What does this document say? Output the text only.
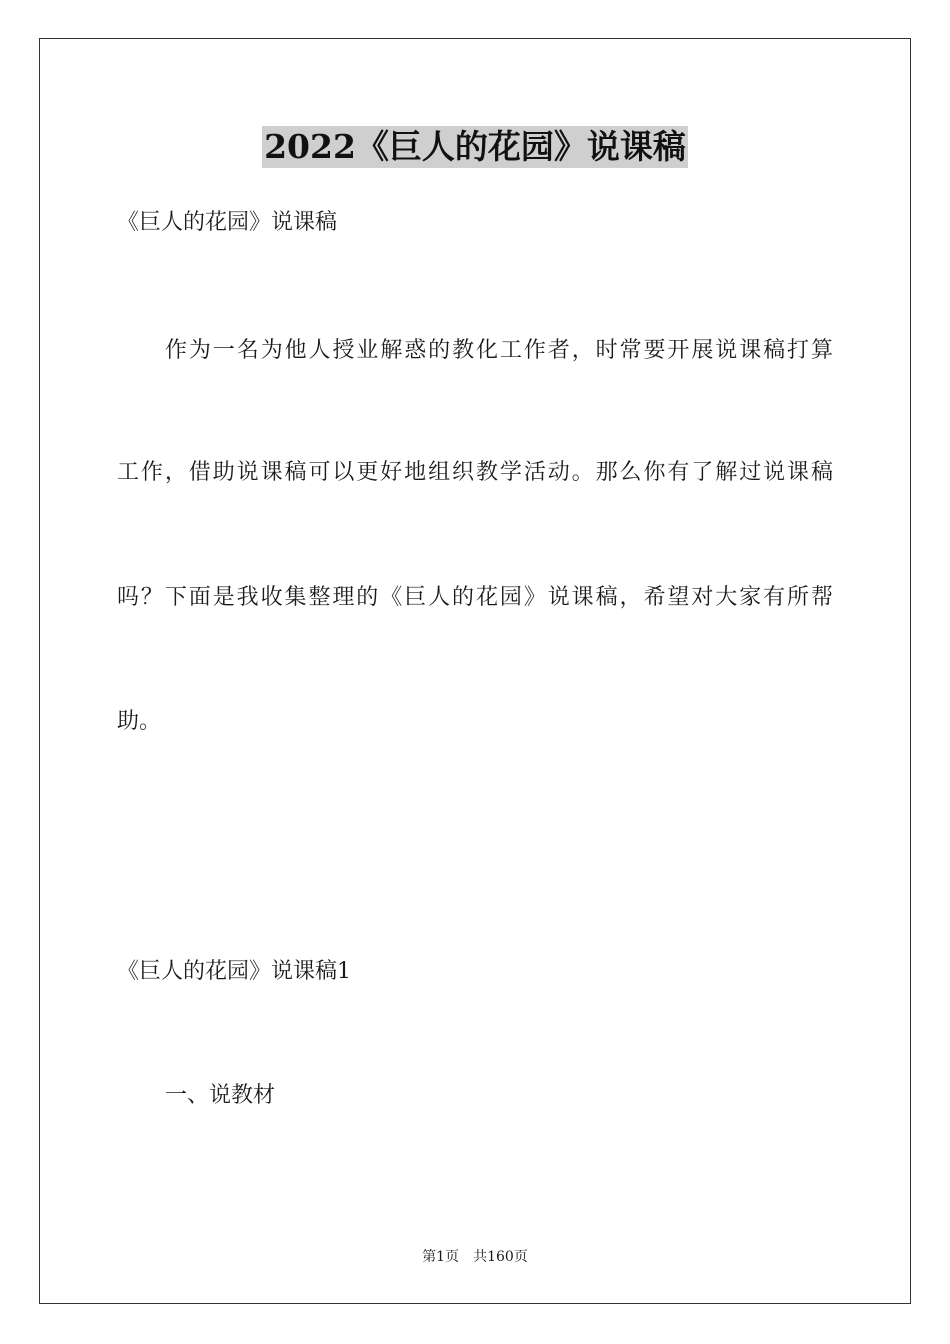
2022《巨人的花园》说课稿
《巨人的花园》说课稿
作为一名为他人授业解惑的教化工作者，时常要开展说课稿打算
工作，借助说课稿可以更好地组织教学活动。那么你有了解过说课稿
吗？下面是我收集整理的《巨人的花园》说课稿，希望对大家有所帮
助。
《巨人的花园》说课稿1
一、说教材
第1页 共160页
